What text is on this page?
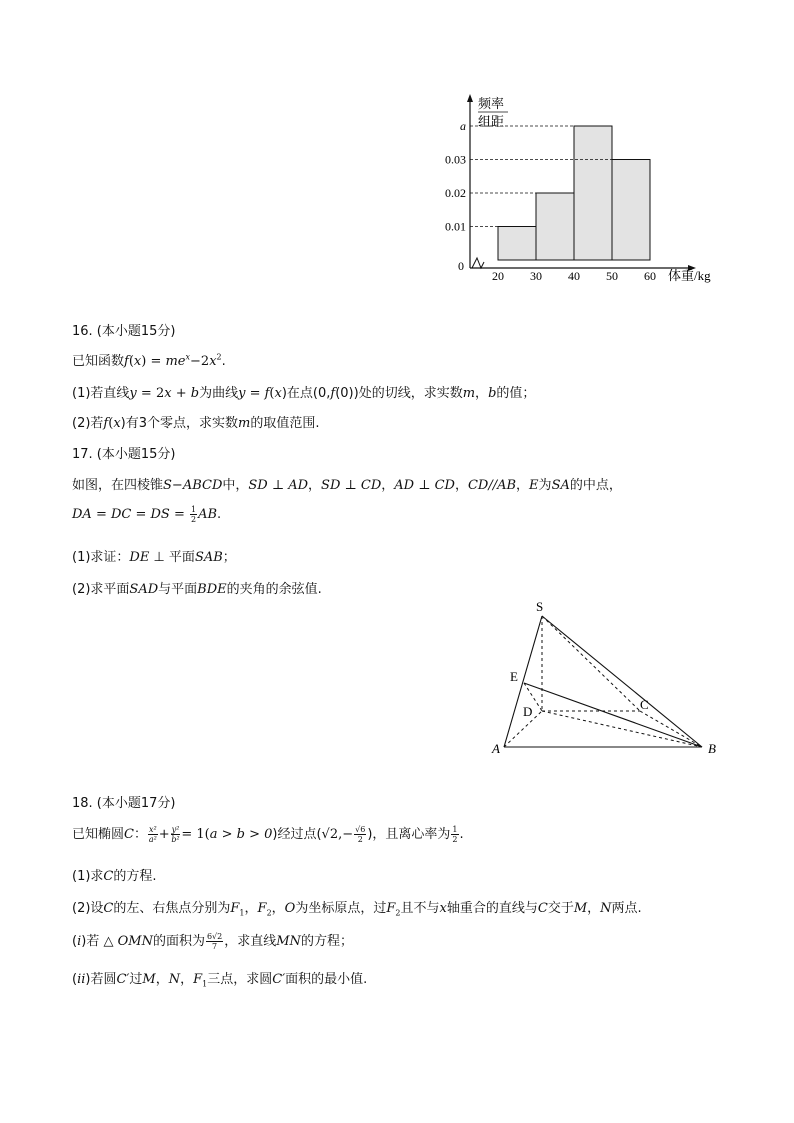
频率
组距
0.01
0.02
a
0.03
20 30 40 50 60
0
体重/kg
16. (本小题15分)
已知函数$f(x) = me^x-2x^2$.
(1)若直线y = 2x + b为曲线y = f(x)在点(0,f(0))处的切线，求实数m，b的值；
(2)若f(x)有3个零点，求实数m的取值范围.
17. (本小题15分)
如图，在四棱锥S−ABCD中，SD ⊥ AD，SD ⊥ CD，AD ⊥ CD，CD//AB，E为SA的中点，
DA = DC = DS = $\frac{1}{2}$ AB.
(1)求证：DE ⊥ 平面SAB；
(2)求平面SAD与平面BDE的夹角的余弦值.
S
E
D	C
A	B
18. (本小题17分)
已知椭圆C： $\frac{\text{x²}}{\text{a²}} + \frac{\text{y²}}{\text{b²}} = 1(a > b > 0)$经过点($√2,- \frac{√6}{2}$ )，且离心率为 $\frac{1}{2}$ .
(1)求C的方程.
(2)设C的左、右焦点分别为$F_1$，$F_2$，O为坐标原点，过$F_2$且不与x轴重合的直线与C交于M，N两点.
(i)若 △ OMN的面积为 $\frac{6√2}{7}$ ，求直线MN的方程；
(ii)若圆C′过M，N，$F_1$三点，求圆C′面积的最小值.
